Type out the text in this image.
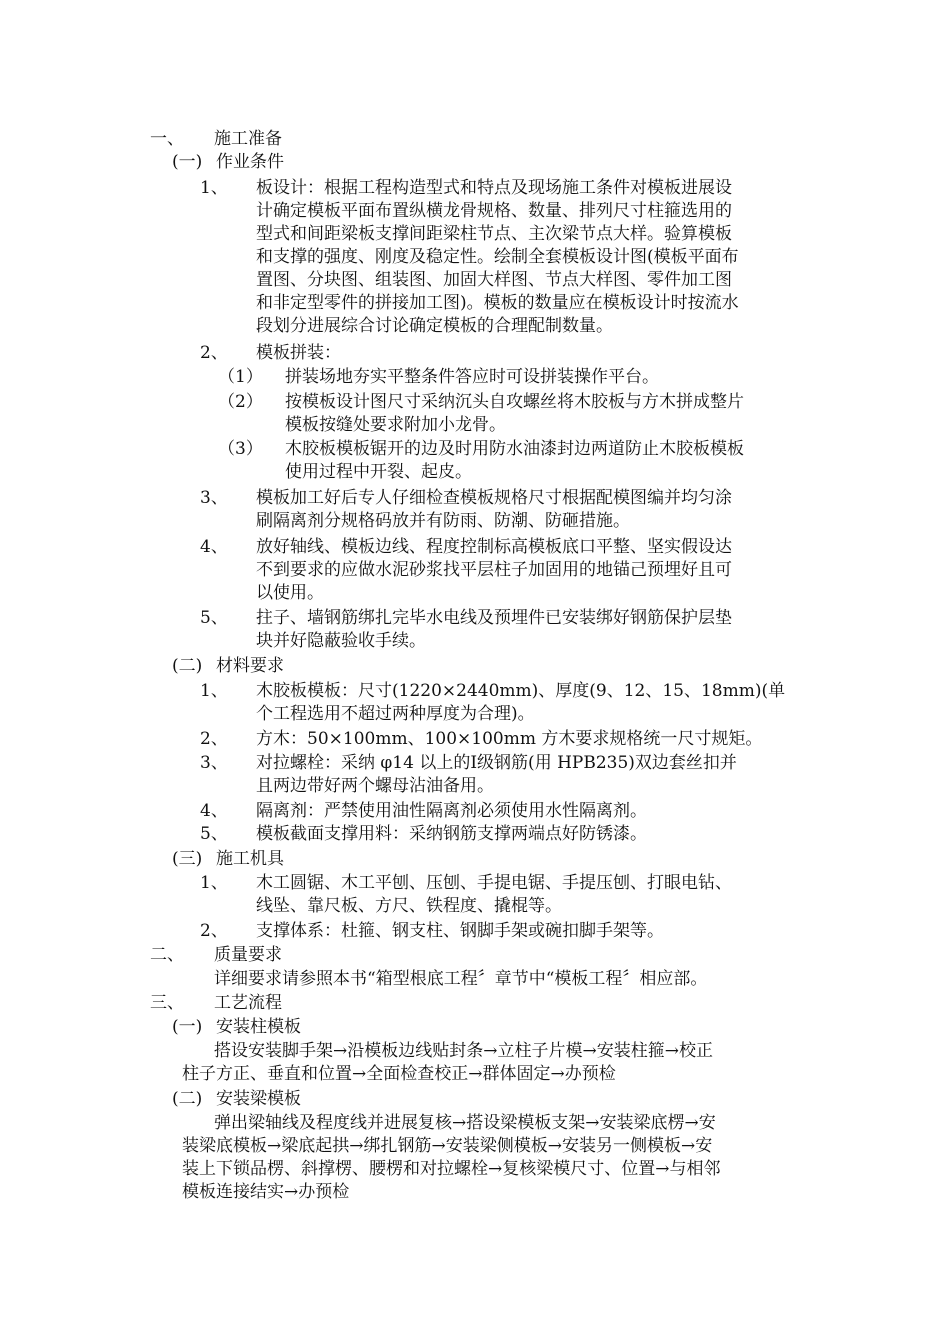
一、 施工准备
(一) 作业条件
1、 板设计：根据工程构造型式和特点及现场施工条件对模板进展设
计确定模板平面布置纵横龙骨规格、数量、排列尺寸柱箍选用的
型式和间距梁板支撑间距梁柱节点、主次梁节点大样。验算模板
和支撑的强度、刚度及稳定性。绘制全套模板设计图(模板平面布
置图、分块图、组装图、加固大样图、节点大样图、零件加工图
和非定型零件的拼接加工图)。模板的数量应在模板设计时按流水
段划分进展综合讨论确定模板的合理配制数量。
2、 模板拼装：
（1） 拼装场地夯实平整条件答应时可设拼装操作平台。
（2） 按模板设计图尺寸采纳沉头自攻螺丝将木胶板与方木拼成整片
模板按缝处要求附加小龙骨。
（3） 木胶板模板锯开的边及时用防水油漆封边两道防止木胶板模板
使用过程中开裂、起皮。
3、 模板加工好后专人仔细检查模板规格尺寸根据配模图编并均匀涂
刷隔离剂分规格码放并有防雨、防潮、防砸措施。
4、 放好轴线、模板边线、程度控制标高模板底口平整、坚实假设达
不到要求的应做水泥砂浆找平层柱子加固用的地锚己预埋好且可
以使用。
5、 拄子、墙钢筋绑扎完毕水电线及预埋件已安装绑好钢筋保护层垫
块并好隐蔽验收手续。
(二) 材料要求
1、 木胶板模板：尺寸(1220×2440mm)、厚度(9、12、15、18mm)(单
个工程选用不超过两种厚度为合理)。
2、 方木：50×100mm、100×100mm 方木要求规格统一尺寸规矩。
3、 对拉螺栓：采纳 φ14 以上的Ⅰ级钢筋(用 HPB235)双边套丝扣并
且两边带好两个螺母沾油备用。
4、 隔离剂：严禁使用油性隔离剂必须使用水性隔离剂。
5、 模板截面支撑用料：采纳钢筋支撑两端点好防锈漆。
(三) 施工机具
1、 木工圆锯、木工平刨、压刨、手提电锯、手提压刨、打眼电钻、
线坠、靠尺板、方尺、铁程度、撬棍等。
2、 支撑体系：杜箍、钢支柱、钢脚手架或碗扣脚手架等。
二、 质量要求
详细要求请参照本书“箱型根底工程〞章节中“模板工程〞相应部。
三、 工艺流程
(一) 安装柱模板
搭设安装脚手架→沿模板边线贴封条→立柱子片模→安装柱箍→校正
柱子方正、垂直和位置→全面检查校正→群体固定→办预检
(二) 安装梁模板
弹出梁轴线及程度线并进展复核→搭设梁模板支架→安装梁底楞→安
装梁底模板→梁底起拱→绑扎钢筋→安装梁侧模板→安装另一侧模板→安
装上下锁品楞、斜撑楞、腰楞和对拉螺栓→复核梁模尺寸、位置→与相邻
模板连接结实→办预检
